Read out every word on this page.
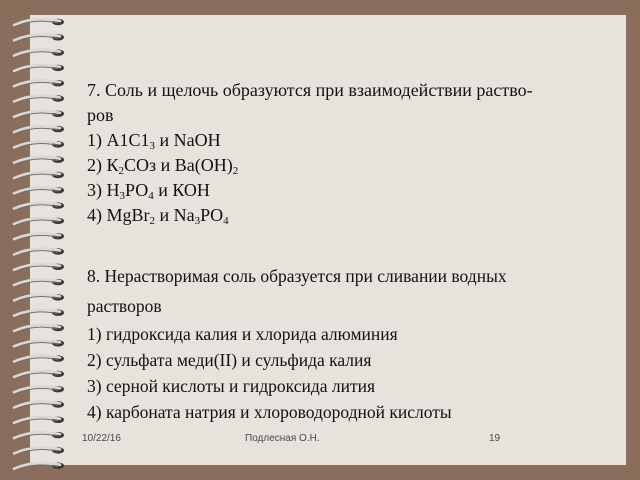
7. Соль и щелочь образуются при взаимодействии раство-
ров

1) $А1С1_3$ и NaOH

2) $К_2СОз$ и $Ва(ОН)_2$

3) $Н_3РО_4$ и КОН

4) MgBr$_2$ и $Na_3PO_4$

8. Нерастворимая соль образуется при сливании водных
растворов

1) гидроксида калия и хлорида алюминия

2) сульфата меди(II) и сульфида калия

3) серной кислоты и гидроксида лития

4) карбоната натрия и хлороводородной кислоты

10/22/16	Подлесная О.Н.	19
